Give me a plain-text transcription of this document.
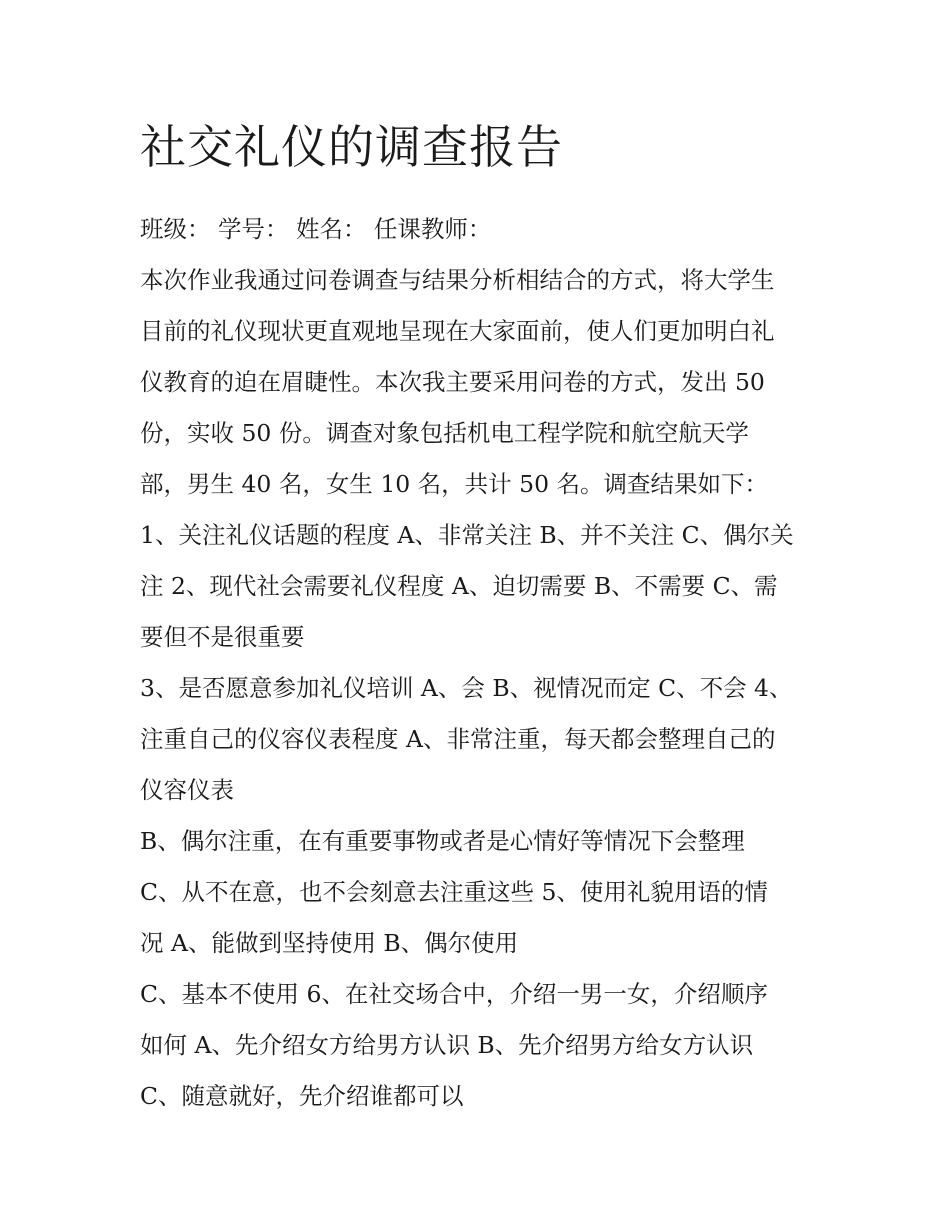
社交礼仪的调查报告

班级： 学号： 姓名： 任课教师：

本次作业我通过问卷调查与结果分析相结合的方式，将大学生
目前的礼仪现状更直观地呈现在大家面前，使人们更加明白礼
仪教育的迫在眉睫性。本次我主要采用问卷的方式，发出 50
份，实收 50 份。调查对象包括机电工程学院和航空航天学
部，男生 40 名，女生 10 名，共计 50 名。调查结果如下：

1、关注礼仪话题的程度 A、非常关注 B、并不关注 C、偶尔关
注 2、现代社会需要礼仪程度 A、迫切需要 B、不需要 C、需
要但不是很重要

3、是否愿意参加礼仪培训 A、会 B、视情况而定 C、不会 4、
注重自己的仪容仪表程度 A、非常注重，每天都会整理自己的
仪容仪表

B、偶尔注重，在有重要事物或者是心情好等情况下会整理

C、从不在意，也不会刻意去注重这些 5、使用礼貌用语的情
况 A、能做到坚持使用 B、偶尔使用

C、基本不使用 6、在社交场合中，介绍一男一女，介绍顺序
如何 A、先介绍女方给男方认识 B、先介绍男方给女方认识
C、随意就好，先介绍谁都可以
